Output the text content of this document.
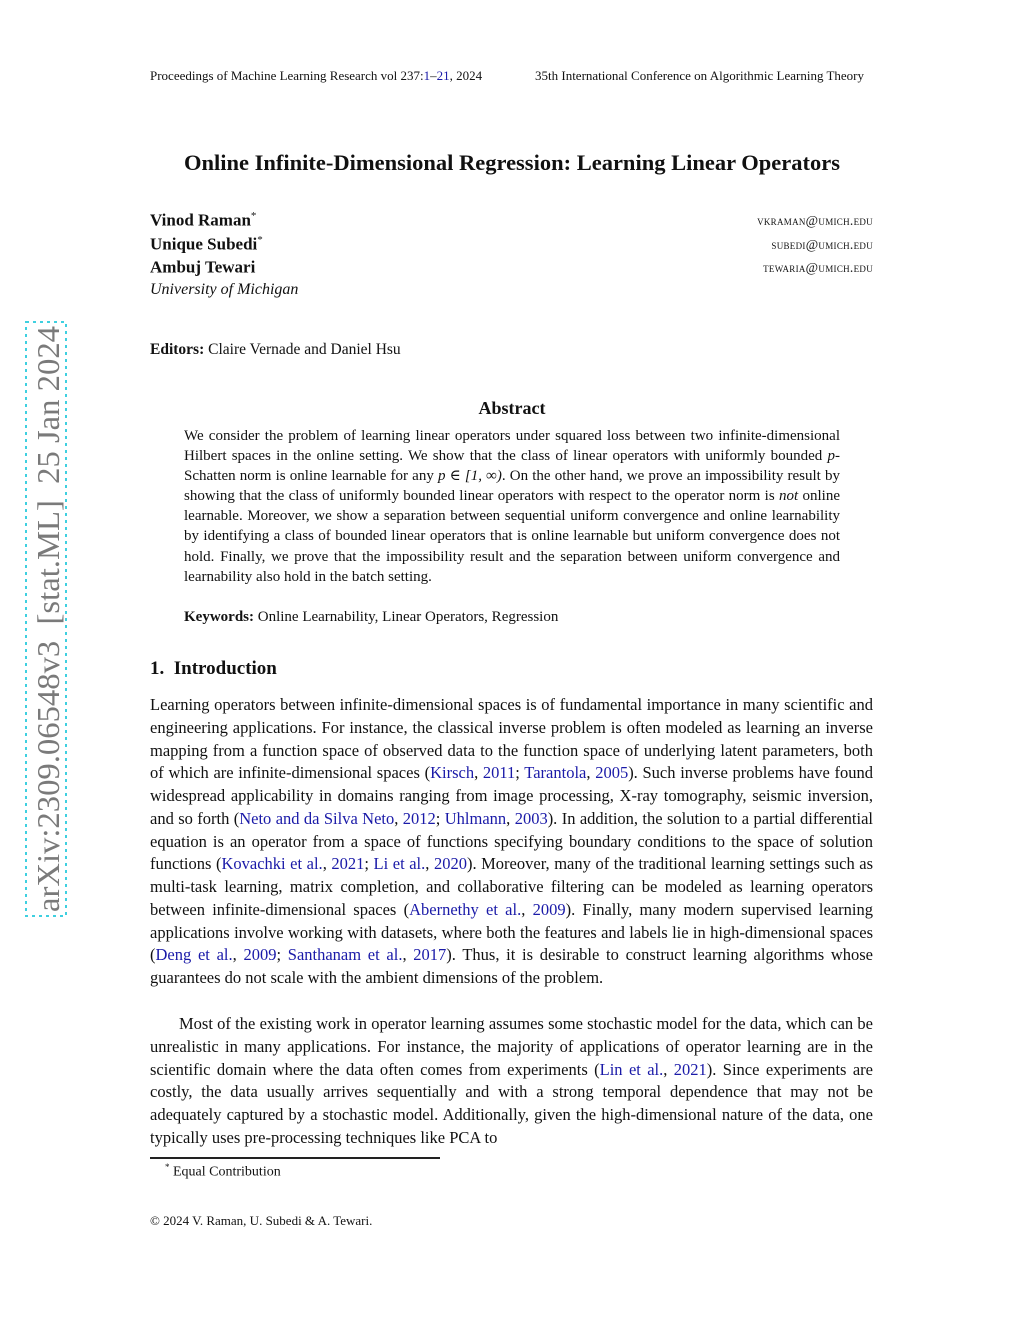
Proceedings of Machine Learning Research vol 237:1–21, 2024	35th International Conference on Algorithmic Learning Theory
Online Infinite-Dimensional Regression: Learning Linear Operators
Vinod Raman*	vkraman@umich.edu
Unique Subedi*	subedi@umich.edu
Ambuj Tewari	tewaria@umich.edu
University of Michigan
Editors: Claire Vernade and Daniel Hsu
arXiv:2309.06548v3  [stat.ML]  25 Jan 2024	Abstract
We consider the problem of learning linear operators under squared loss between two infinite-dimensional Hilbert spaces in the online setting. We show that the class of linear operators with uniformly bounded p-Schatten norm is online learnable for any p ∈ [1, ∞). On the other hand, we prove an impossibility result by showing that the class of uniformly bounded linear operators with respect to the operator norm is not online learnable. Moreover, we show a separation between sequential uniform convergence and online learnability by identifying a class of bounded linear operators that is online learnable but uniform convergence does not hold. Finally, we prove that the impossibility result and the separation between uniform convergence and learnability also hold in the batch setting.
Keywords: Online Learnability, Linear Operators, Regression
1. Introduction
Learning operators between infinite-dimensional spaces is of fundamental importance in many scientific and engineering applications. For instance, the classical inverse problem is often modeled as learning an inverse mapping from a function space of observed data to the function space of underlying latent parameters, both of which are infinite-dimensional spaces (Kirsch, 2011; Tarantola, 2005). Such inverse problems have found widespread applicability in domains ranging from image processing, X-ray tomography, seismic inversion, and so forth (Neto and da Silva Neto, 2012; Uhlmann, 2003). In addition, the solution to a partial differential equation is an operator from a space of functions specifying boundary conditions to the space of solution functions (Kovachki et al., 2021; Li et al., 2020). Moreover, many of the traditional learning settings such as multi-task learning, matrix completion, and collaborative filtering can be modeled as learning operators between infinite-dimensional spaces (Abernethy et al., 2009). Finally, many modern supervised learning applications involve working with datasets, where both the features and labels lie in high-dimensional spaces (Deng et al., 2009; Santhanam et al., 2017). Thus, it is desirable to construct learning algorithms whose guarantees do not scale with the ambient dimensions of the problem.
Most of the existing work in operator learning assumes some stochastic model for the data, which can be unrealistic in many applications. For instance, the majority of applications of operator learning are in the scientific domain where the data often comes from experiments (Lin et al., 2021). Since experiments are costly, the data usually arrives sequentially and with a strong temporal dependence that may not be adequately captured by a stochastic model. Additionally, given the high-dimensional nature of the data, one typically uses pre-processing techniques like PCA to
* Equal Contribution
© 2024 V. Raman, U. Subedi & A. Tewari.
